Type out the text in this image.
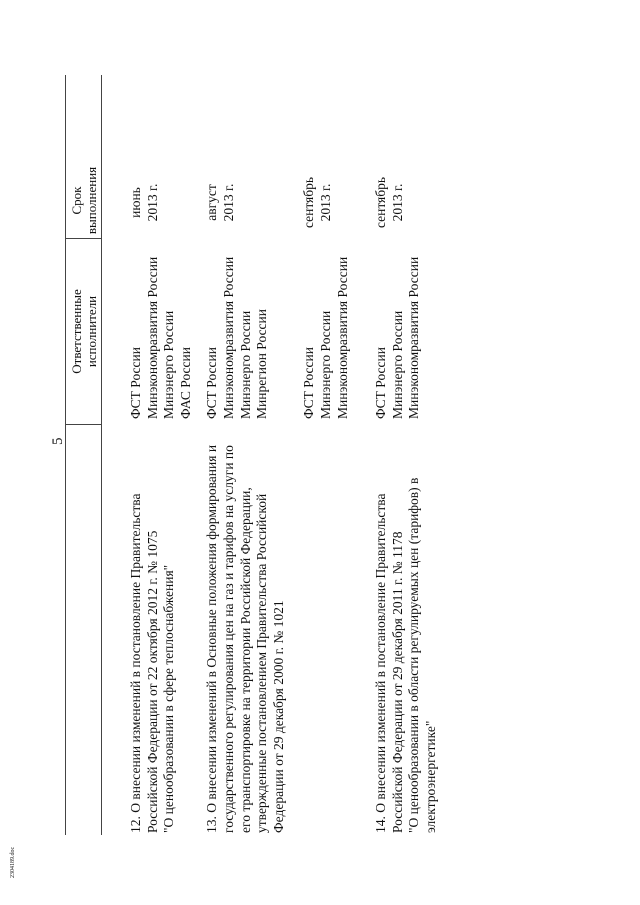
5
Ответственные исполнители
Срок выполнения
12. О внесении изменений в постановление Правительства Российской Федерации от 22 октября 2012 г. № 1075 "О ценообразовании в сфере теплоснабжения"
ФСТ России Минэкономразвития России Минэнерго России ФАС России
июнь 2013 г.
13. О внесении изменений в Основные положения формирования и государственного регулирования цен на газ и тарифов на услуги по его транспортировке на территории Российской Федерации, утвержденные постановлением Правительства Российской Федерации от 29 декабря 2000 г. № 1021
ФСТ России Минэкономразвития России Минэнерго России Минрегион России
август 2013 г.
ФСТ России Минэнерго России Минэкономразвития России
сентябрь 2013 г.
14. О внесении изменений в постановление Правительства Российской Федерации от 29 декабря 2011 г. № 1178 "О ценообразовании в области регулируемых цен (тарифов) в электроэнергетике"
ФСТ России Минэнерго России Минэкономразвития России
сентябрь 2013 г.
2304189.doc
